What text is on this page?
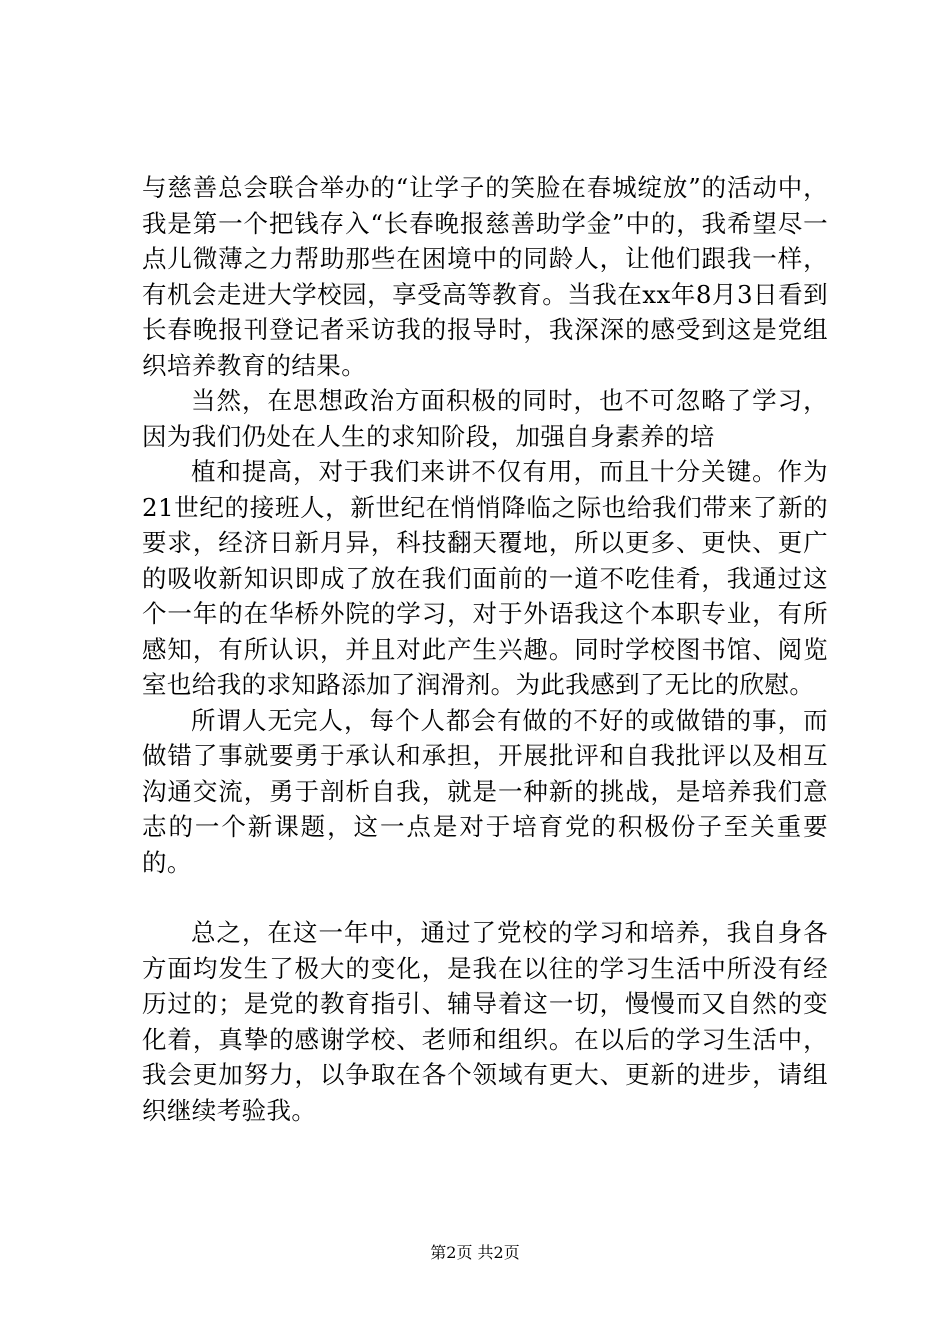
与慈善总会联合举办的“让学子的笑脸在春城绽放”的活动中，我是第一个把钱存入“长春晚报慈善助学金”中的，我希望尽一点儿微薄之力帮助那些在困境中的同龄人，让他们跟我一样，有机会走进大学校园，享受高等教育。当我在xx年8月3日看到长春晚报刊登记者采访我的报导时，我深深的感受到这是党组织培养教育的结果。

当然，在思想政治方面积极的同时，也不可忽略了学习，因为我们仍处在人生的求知阶段，加强自身素养的培

植和提高，对于我们来讲不仅有用，而且十分关键。作为21世纪的接班人，新世纪在悄悄降临之际也给我们带来了新的要求，经济日新月异，科技翻天覆地，所以更多、更快、更广的吸收新知识即成了放在我们面前的一道不吃佳肴，我通过这个一年的在华桥外院的学习，对于外语我这个本职专业，有所感知，有所认识，并且对此产生兴趣。同时学校图书馆、阅览室也给我的求知路添加了润滑剂。为此我感到了无比的欣慰。

所谓人无完人，每个人都会有做的不好的或做错的事，而做错了事就要勇于承认和承担，开展批评和自我批评以及相互沟通交流，勇于剖析自我，就是一种新的挑战，是培养我们意志的一个新课题，这一点是对于培育党的积极份子至关重要的。

总之，在这一年中，通过了党校的学习和培养，我自身各方面均发生了极大的变化，是我在以往的学习生活中所没有经历过的；是党的教育指引、辅导着这一切，慢慢而又自然的变化着，真挚的感谢学校、老师和组织。在以后的学习生活中，我会更加努力，以争取在各个领域有更大、更新的进步，请组织继续考验我。

第2页 共2页
